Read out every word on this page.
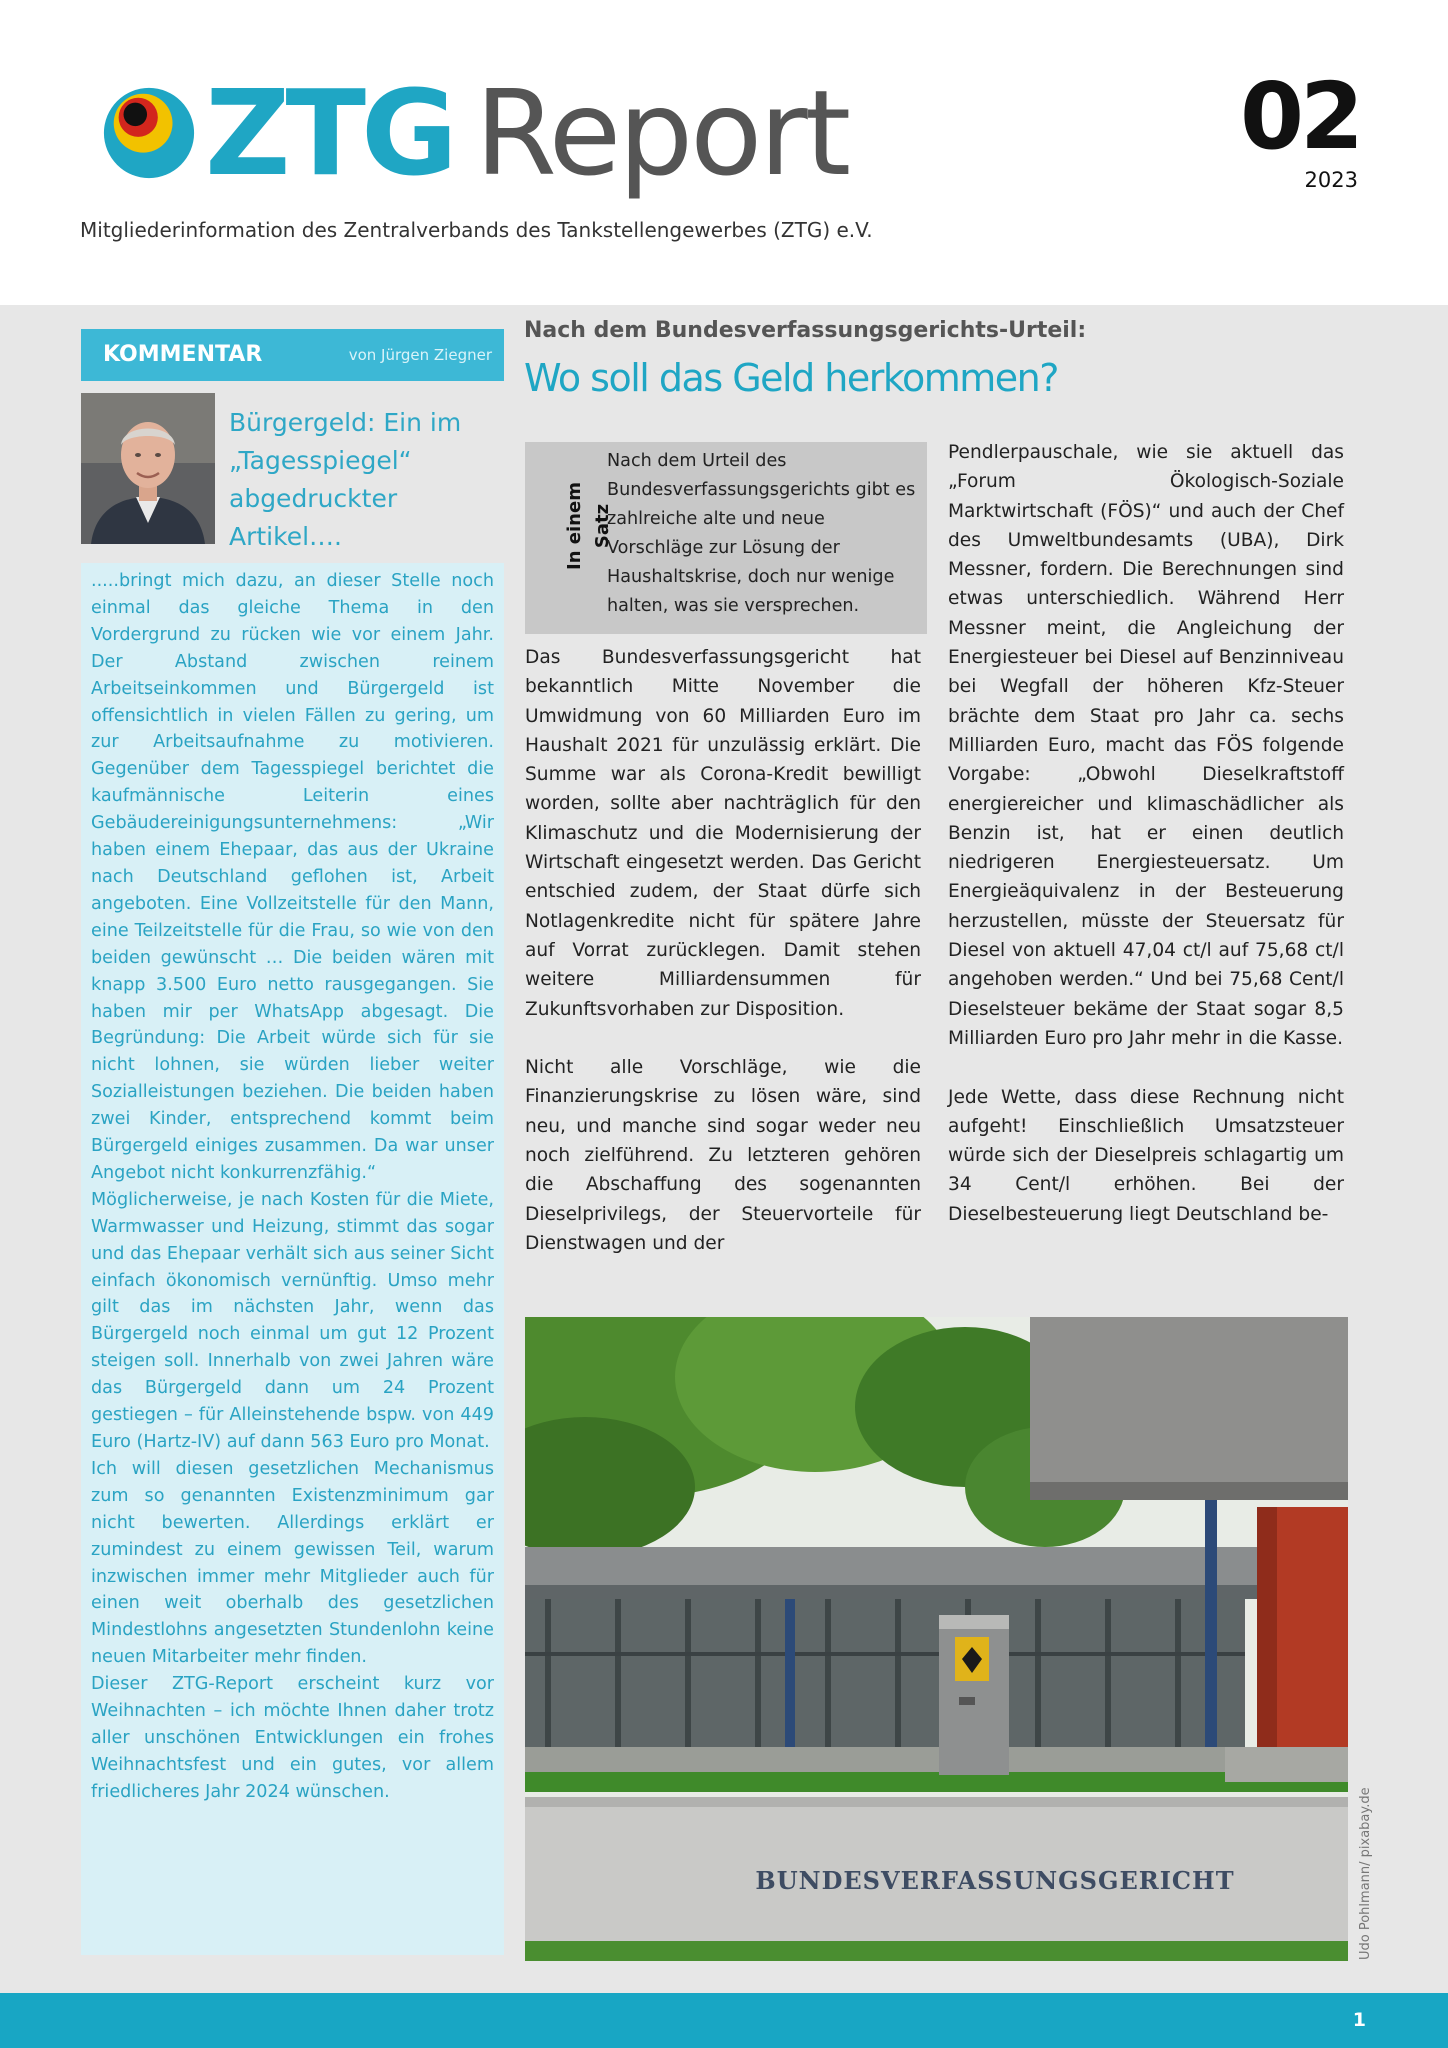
ZTG Report	02
2023
Mitgliederinformation des Zentralverbands des Tankstellengewerbes (ZTG) e.V.
KOMMENTAR	von Jürgen Ziegner
Bürgergeld: Ein im „Tagesspiegel“ abgedruckter Artikel….

.....bringt mich dazu, an dieser Stelle noch einmal das gleiche Thema in den Vordergrund zu rücken wie vor einem Jahr. Der Abstand zwischen reinem Arbeitseinkommen und Bürgergeld ist offensichtlich in vielen Fällen zu gering, um zur Arbeitsaufnahme zu motivieren. Gegenüber dem Tagesspiegel berichtet die kaufmännische Leiterin eines Gebäudereinigungsunternehmens: „Wir haben einem Ehepaar, das aus der Ukraine nach Deutschland geflohen ist, Arbeit angeboten. Eine Vollzeitstelle für den Mann, eine Teilzeitstelle für die Frau, so wie von den beiden gewünscht … Die beiden wären mit knapp 3.500 Euro netto rausgegangen. Sie haben mir per WhatsApp abgesagt. Die Begründung: Die Arbeit würde sich für sie nicht lohnen, sie würden lieber weiter Sozialleistungen beziehen. Die beiden haben zwei Kinder, entsprechend kommt beim Bürgergeld einiges zusammen. Da war unser Angebot nicht konkurrenzfähig.“

Möglicherweise, je nach Kosten für die Miete, Warmwasser und Heizung, stimmt das sogar und das Ehepaar verhält sich aus seiner Sicht einfach ökonomisch vernünftig. Umso mehr gilt das im nächsten Jahr, wenn das Bürgergeld noch einmal um gut 12 Prozent steigen soll. Innerhalb von zwei Jahren wäre das Bürgergeld dann um 24 Prozent gestiegen – für Alleinstehende bspw. von 449 Euro (Hartz-IV) auf dann 563 Euro pro Monat.

Ich will diesen gesetzlichen Mechanismus zum so genannten Existenzminimum gar nicht bewerten. Allerdings erklärt er zumindest zu einem gewissen Teil, warum inzwischen immer mehr Mitglieder auch für einen weit oberhalb des gesetzlichen Mindestlohns angesetzten Stundenlohn keine neuen Mitarbeiter mehr finden.

Dieser ZTG-Report erscheint kurz vor Weihnachten – ich möchte Ihnen daher trotz aller unschönen Entwicklungen ein frohes Weihnachtsfest und ein gutes, vor allem friedlicheres Jahr 2024 wünschen.

Nach dem Bundesverfassungsgerichts-Urteil:
Wo soll das Geld herkommen?
In einem Satz
Nach dem Urteil des Bundesverfassungsgerichts gibt es zahlreiche alte und neue Vorschläge zur Lösung der Haushaltskrise, doch nur wenige halten, was sie versprechen.

Das Bundesverfassungsgericht hat bekanntlich Mitte November die Umwidmung von 60 Milliarden Euro im Haushalt 2021 für unzulässig erklärt. Die Summe war als Corona-Kredit bewilligt worden, sollte aber nachträglich für den Klimaschutz und die Modernisierung der Wirtschaft eingesetzt werden. Das Gericht entschied zudem, der Staat dürfe sich Notlagenkredite nicht für spätere Jahre auf Vorrat zurücklegen. Damit stehen weitere Milliardensummen für Zukunftsvorhaben zur Disposition.

Nicht alle Vorschläge, wie die Finanzierungskrise zu lösen wäre, sind neu, und manche sind sogar weder neu noch zielführend. Zu letzteren gehören die Abschaffung des sogenannten Dieselprivilegs, der Steuervorteile für Dienstwagen und der

Pendlerpauschale, wie sie aktuell das „Forum Ökologisch-Soziale Marktwirtschaft (FÖS)“ und auch der Chef des Umweltbundesamts (UBA), Dirk Messner, fordern. Die Berechnungen sind etwas unterschiedlich. Während Herr Messner meint, die Angleichung der Energiesteuer bei Diesel auf Benzinniveau bei Wegfall der höheren Kfz-Steuer brächte dem Staat pro Jahr ca. sechs Milliarden Euro, macht das FÖS folgende Vorgabe: „Obwohl Dieselkraftstoff energiereicher und klimaschädlicher als Benzin ist, hat er einen deutlich niedrigeren Energiesteuersatz. Um Energieäquivalenz in der Besteuerung herzustellen, müsste der Steuersatz für Diesel von aktuell 47,04 ct/l auf 75,68 ct/l angehoben werden.“ Und bei 75,68 Cent/l Dieselsteuer bekäme der Staat sogar 8,5 Milliarden Euro pro Jahr mehr in die Kasse.

Jede Wette, dass diese Rechnung nicht aufgeht! Einschließlich Umsatzsteuer würde sich der Dieselpreis schlagartig um 34 Cent/l erhöhen. Bei der Dieselbesteuerung liegt Deutschland be-

BUNDESVERFASSUNGSGERICHT	Udo Pohlmann/ pixabay.de
1
